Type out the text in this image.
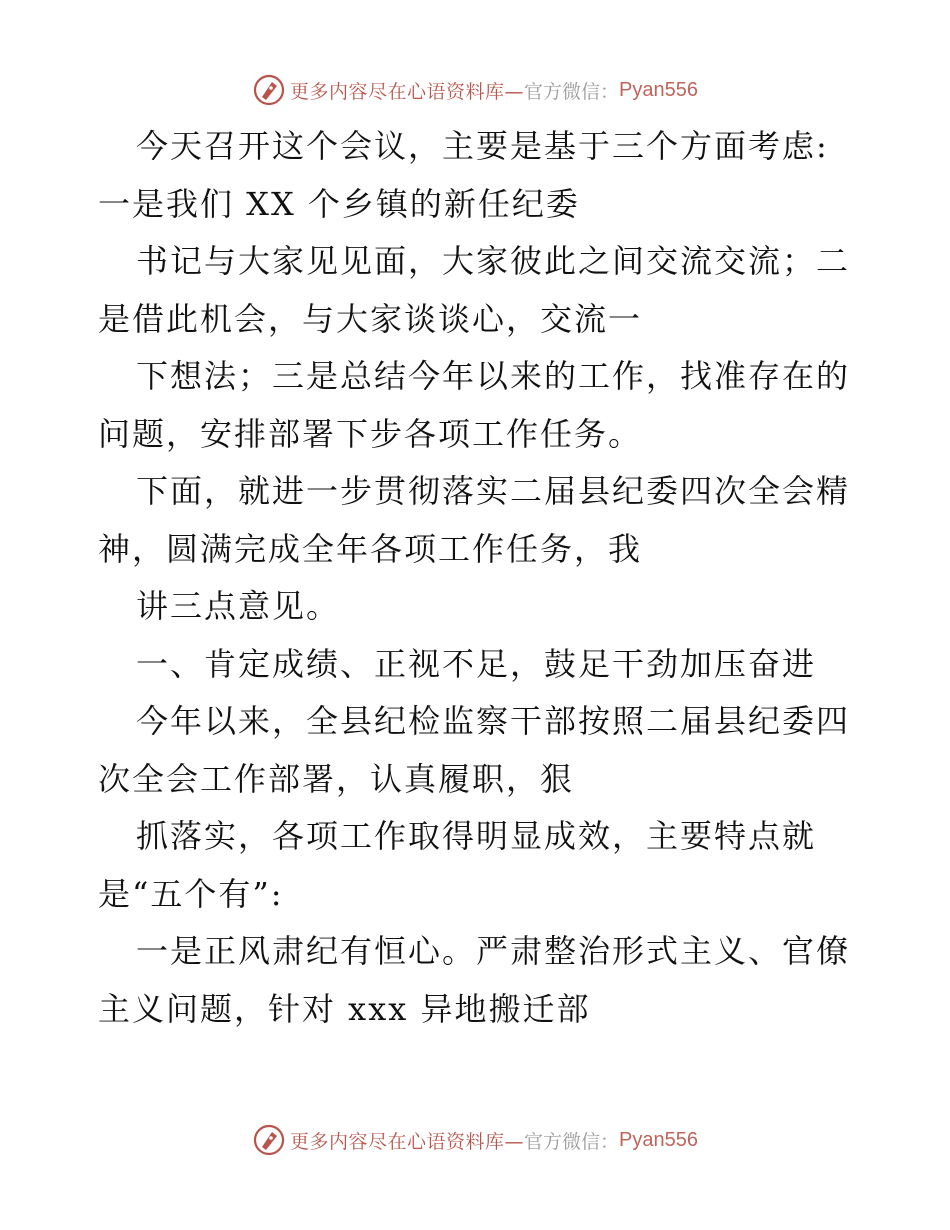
更多内容尽在心语资料库— 官方微信： Pyan556
今天召开这个会议，主要是基于三个方面考虑:
一是我们 XX 个乡镇的新任纪委
书记与大家见见面，大家彼此之间交流交流；二
是借此机会，与大家谈谈心，交流一
下想法；三是总结今年以来的工作，找准存在的
问题，安排部署下步各项工作任务。
下面，就进一步贯彻落实二届县纪委四次全会精
神，圆满完成全年各项工作任务，我
讲三点意见。
一、肯定成绩、正视不足，鼓足干劲加压奋进
今年以来，全县纪检监察干部按照二届县纪委四
次全会工作部署，认真履职，狠
抓落实，各项工作取得明显成效，主要特点就
是“五个有”:
一是正风肃纪有恒心。严肃整治形式主义、官僚
主义问题，针对 xxx 异地搬迁部
更多内容尽在心语资料库— 官方微信： Pyan556
